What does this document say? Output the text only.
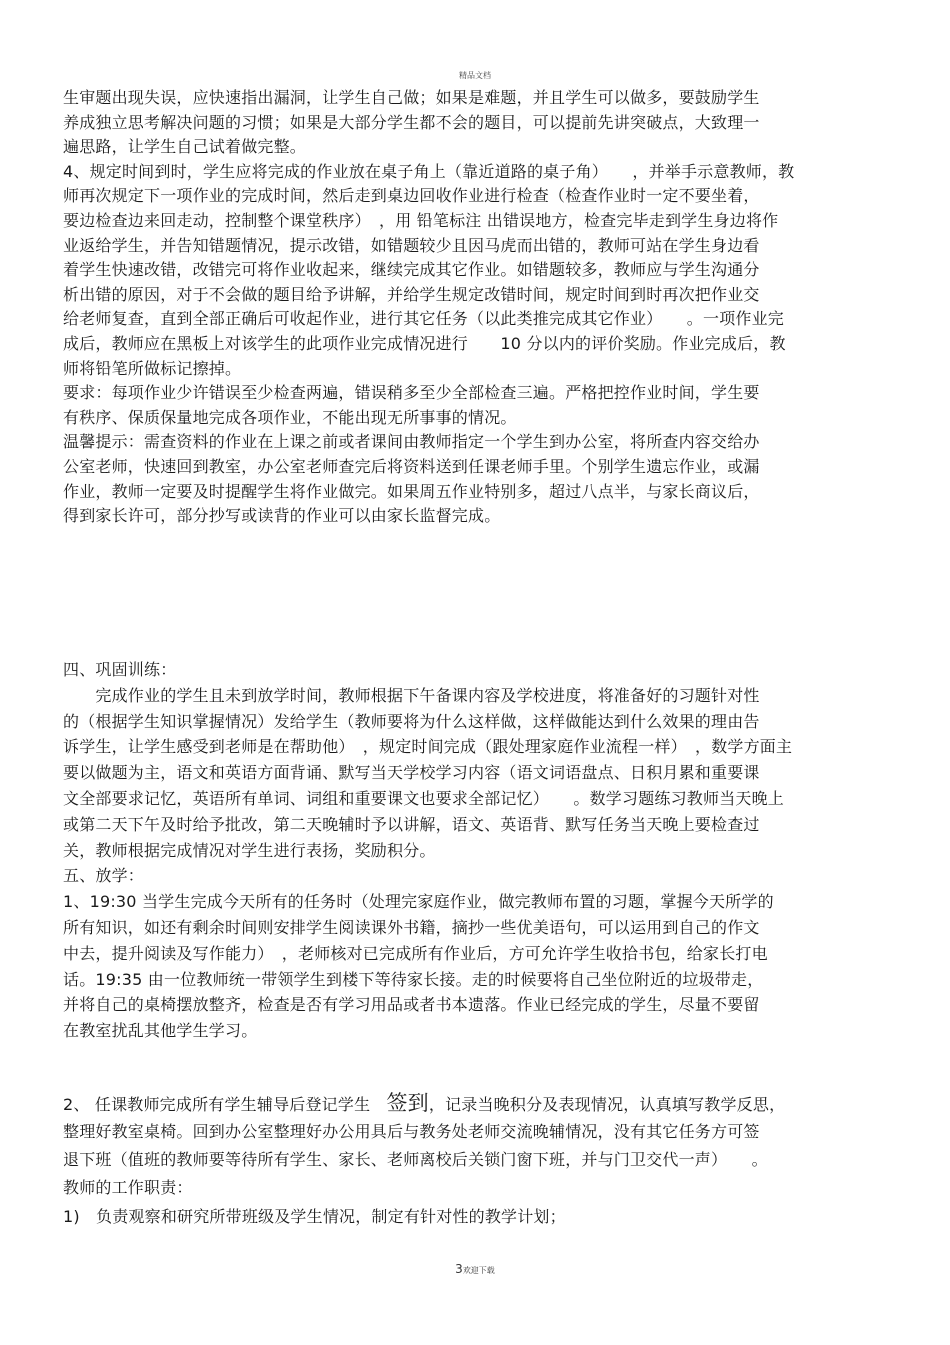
精品文档
生审题出现失误，应快速指出漏洞，让学生自己做；如果是难题，并且学生可以做多，要鼓励学生
养成独立思考解决问题的习惯；如果是大部分学生都不会的题目，可以提前先讲突破点，大致理一
遍思路，让学生自己试着做完整。
4、规定时间到时，学生应将完成的作业放在桌子角上（靠近道路的桌子角）　　，并举手示意教师，教
师再次规定下一项作业的完成时间，然后走到桌边回收作业进行检查（检查作业时一定不要坐着，
要边检查边来回走动，控制整个课堂秩序）　，用 铅笔标注 出错误地方，检查完毕走到学生身边将作
业返给学生，并告知错题情况，提示改错，如错题较少且因马虎而出错的，教师可站在学生身边看
着学生快速改错，改错完可将作业收起来，继续完成其它作业。如错题较多，教师应与学生沟通分
析出错的原因，对于不会做的题目给予讲解，并给学生规定改错时间，规定时间到时再次把作业交
给老师复查，直到全部正确后可收起作业，进行其它任务（以此类推完成其它作业）　　。一项作业完
成后，教师应在黑板上对该学生的此项作业完成情况进行　　10 分以内的评价奖励。作业完成后，教
师将铅笔所做标记擦掉。
要求：每项作业少许错误至少检查两遍，错误稍多至少全部检查三遍。严格把控作业时间，学生要
有秩序、保质保量地完成各项作业，不能出现无所事事的情况。
温馨提示：需查资料的作业在上课之前或者课间由教师指定一个学生到办公室，将所查内容交给办
公室老师，快速回到教室，办公室老师查完后将资料送到任课老师手里。个别学生遗忘作业，或漏
作业，教师一定要及时提醒学生将作业做完。如果周五作业特别多，超过八点半，与家长商议后，
得到家长许可，部分抄写或读背的作业可以由家长监督完成。
四、巩固训练：
　　完成作业的学生且未到放学时间，教师根据下午备课内容及学校进度，将准备好的习题针对性
的（根据学生知识掌握情况）发给学生（教师要将为什么这样做，这样做能达到什么效果的理由告
诉学生，让学生感受到老师是在帮助他）　，规定时间完成（跟处理家庭作业流程一样）　，数学方面主
要以做题为主，语文和英语方面背诵、默写当天学校学习内容（语文词语盘点、日积月累和重要课
文全部要求记忆，英语所有单词、词组和重要课文也要求全部记忆）　　。数学习题练习教师当天晚上
或第二天下午及时给予批改，第二天晚辅时予以讲解，语文、英语背、默写任务当天晚上要检查过
关，教师根据完成情况对学生进行表扬，奖励积分。
五、放学：
1、19:30 当学生完成今天所有的任务时（处理完家庭作业，做完教师布置的习题，掌握今天所学的
所有知识，如还有剩余时间则安排学生阅读课外书籍，摘抄一些优美语句，可以运用到自己的作文
中去，提升阅读及写作能力）　，老师核对已完成所有作业后，方可允许学生收拾书包，给家长打电
话。19:35 由一位教师统一带领学生到楼下等待家长接。走的时候要将自己坐位附近的垃圾带走，
并将自己的桌椅摆放整齐，检查是否有学习用品或者书本遗落。作业已经完成的学生，尽量不要留
在教室扰乱其他学生学习。
2、 任课教师完成所有学生辅导后登记学生　签到，记录当晚积分及表现情况，认真填写教学反思，
整理好教室桌椅。回到办公室整理好办公用具后与教务处老师交流晚辅情况，没有其它任务方可签
退下班（值班的教师要等待所有学生、家长、老师离校后关锁门窗下班，并与门卫交代一声）　　。
教师的工作职责：
1)　负责观察和研究所带班级及学生情况，制定有针对性的教学计划；
3欢迎下载
